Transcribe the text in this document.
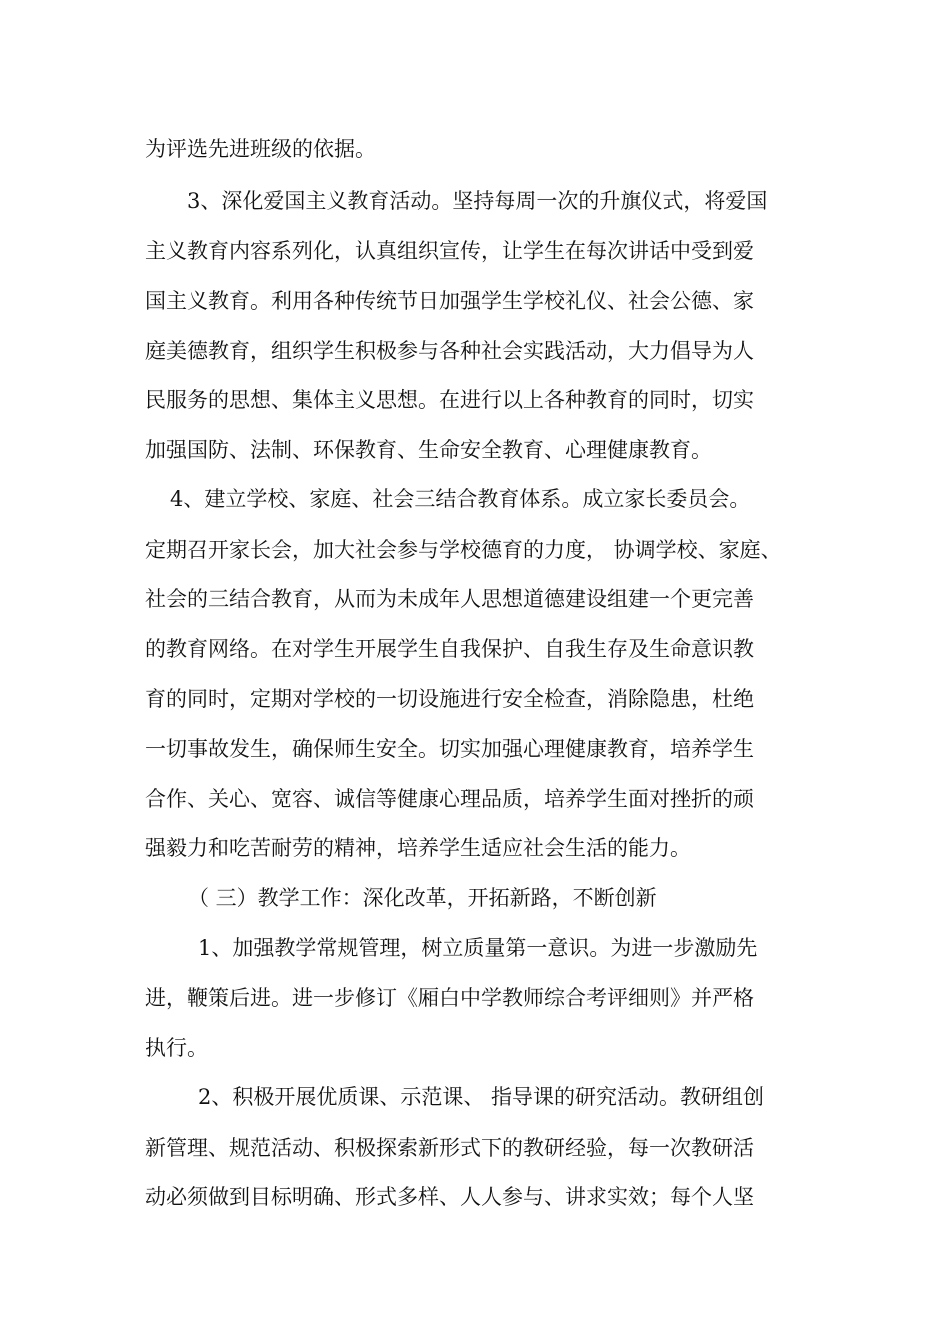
为评选先进班级的依据。
3、深化爱国主义教育活动。坚持每周一次的升旗仪式，将爱国
主义教育内容系列化，认真组织宣传，让学生在每次讲话中受到爱
国主义教育。利用各种传统节日加强学生学校礼仪、社会公德、家
庭美德教育，组织学生积极参与各种社会实践活动，大力倡导为人
民服务的思想、集体主义思想。在进行以上各种教育的同时，切实
加强国防、法制、环保教育、生命安全教育、心理健康教育。
4、建立学校、家庭、社会三结合教育体系。成立家长委员会。
定期召开家长会，加大社会参与学校德育的力度， 协调学校、家庭、
社会的三结合教育，从而为未成年人思想道德建设组建一个更完善
的教育网络。在对学生开展学生自我保护、自我生存及生命意识教
育的同时，定期对学校的一切设施进行安全检查，消除隐患，杜绝
一切事故发生，确保师生安全。切实加强心理健康教育，培养学生
合作、关心、宽容、诚信等健康心理品质，培养学生面对挫折的顽
强毅力和吃苦耐劳的精神，培养学生适应社会生活的能力。
（ 三）教学工作：深化改革，开拓新路，不断创新
1、加强教学常规管理，树立质量第一意识。为进一步激励先
进，鞭策后进。进一步修订《厢白中学教师综合考评细则》并严格
执行。
2、积极开展优质课、示范课、 指导课的研究活动。教研组创
新管理、规范活动、积极探索新形式下的教研经验，每一次教研活
动必须做到目标明确、形式多样、人人参与、讲求实效；每个人坚
